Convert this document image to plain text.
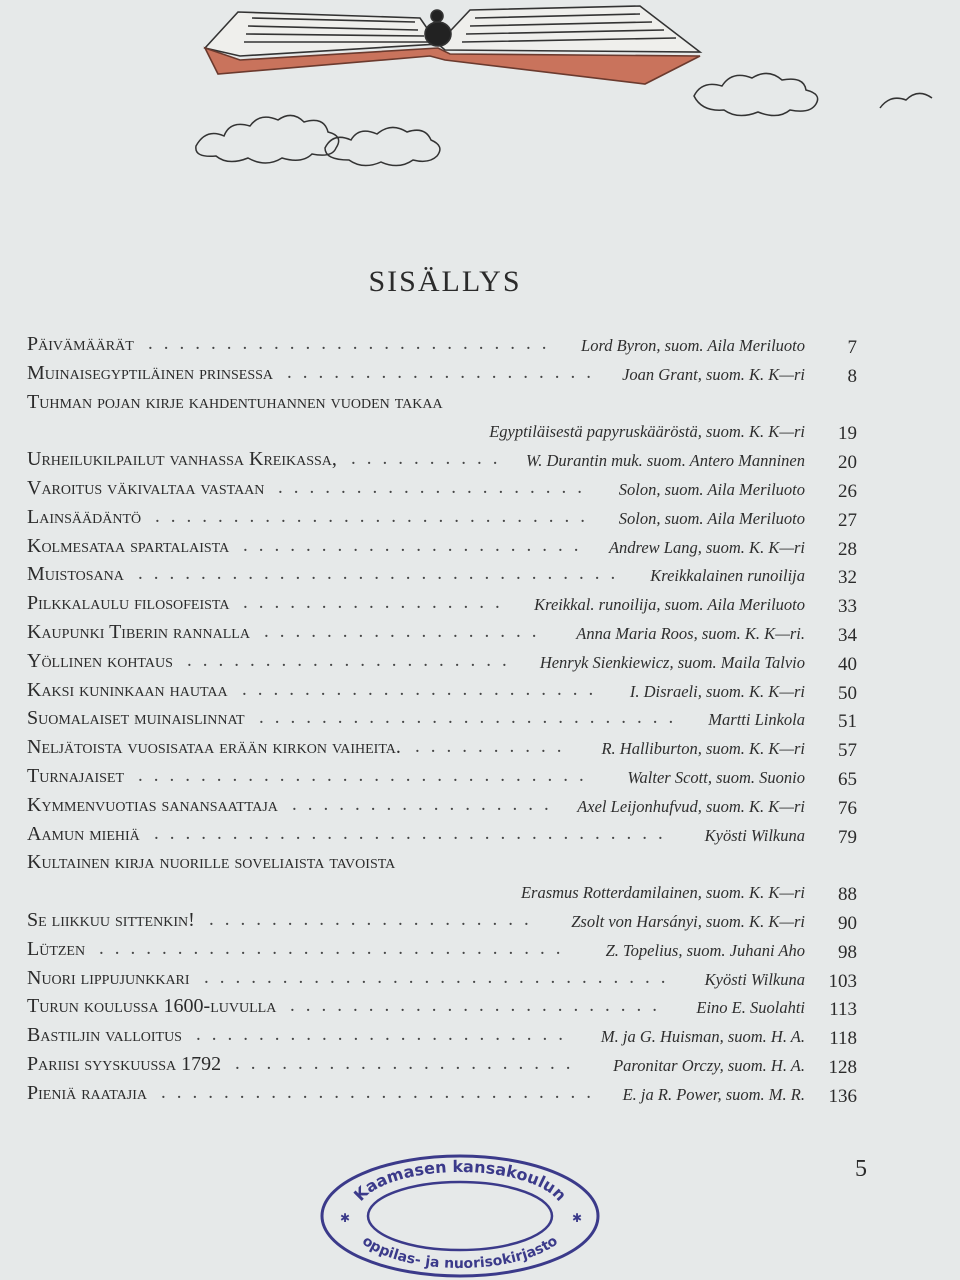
SISÄLLYS
Päivämäärät	Lord Byron, suom. Aila Meriluoto	7
..........................
Muinaisegyptiläinen prinsessa	Joan Grant, suom. K. K—ri	8
....................
Tuhman pojan kirje kahdentuhannen vuoden takaa
Egyptiläisestä papyruskääröstä, suom. K. K—ri	19
Urheilukilpailut vanhassa Kreikassa,	W. Durantin muk. suom. Antero Manninen	20
..........
Varoitus väkivaltaa vastaan	Solon, suom. Aila Meriluoto	26
....................
Lainsäädäntö	Solon, suom. Aila Meriluoto	27
............................
Kolmesataa spartalaista	Andrew Lang, suom. K. K—ri	28
......................
Muistosana	Kreikkalainen runoilija	32
...............................
Pilkkalaulu filosofeista	Kreikkal. runoilija, suom. Aila Meriluoto	33
.................
Kaupunki Tiberin rannalla	Anna Maria Roos, suom. K. K—ri.	34
..................
Yöllinen kohtaus	Henryk Sienkiewicz, suom. Maila Talvio	40
.....................
Kaksi kuninkaan hautaa	I. Disraeli, suom. K. K—ri	50
.......................
Suomalaiset muinaislinnat	Martti Linkola	51
...........................
Neljätoista vuosisataa erään kirkon vaiheita.	R. Halliburton, suom. K. K—ri	57
..........
Turnajaiset	Walter Scott, suom. Suonio	65
.............................
Kymmenvuotias sanansaattaja	Axel Leijonhufvud, suom. K. K—ri	76
.................
Aamun miehiä	Kyösti Wilkuna	79
.................................
Kultainen kirja nuorille soveliaista tavoista
Erasmus Rotterdamilainen, suom. K. K—ri	88
Se liikkuu sittenkin!	Zsolt von Harsányi, suom. K. K—ri	90
.....................
Lützen	Z. Topelius, suom. Juhani Aho	98
..............................
Nuori lippujunkkari	Kyösti Wilkuna	103
..............................
Turun koulussa 1600-luvulla	Eino E. Suolahti	113
........................
Bastiljin valloitus	M. ja G. Huisman, suom. H. A.	118
........................
Pariisi syyskuussa 1792	Paronitar Orczy, suom. H. A.	128
......................
Pieniä raatajia	E. ja R. Power, suom. M. R.	136
............................
5
Kaamasen kansakoulun
oppilas- ja nuorisokirjasto
✱	✱
